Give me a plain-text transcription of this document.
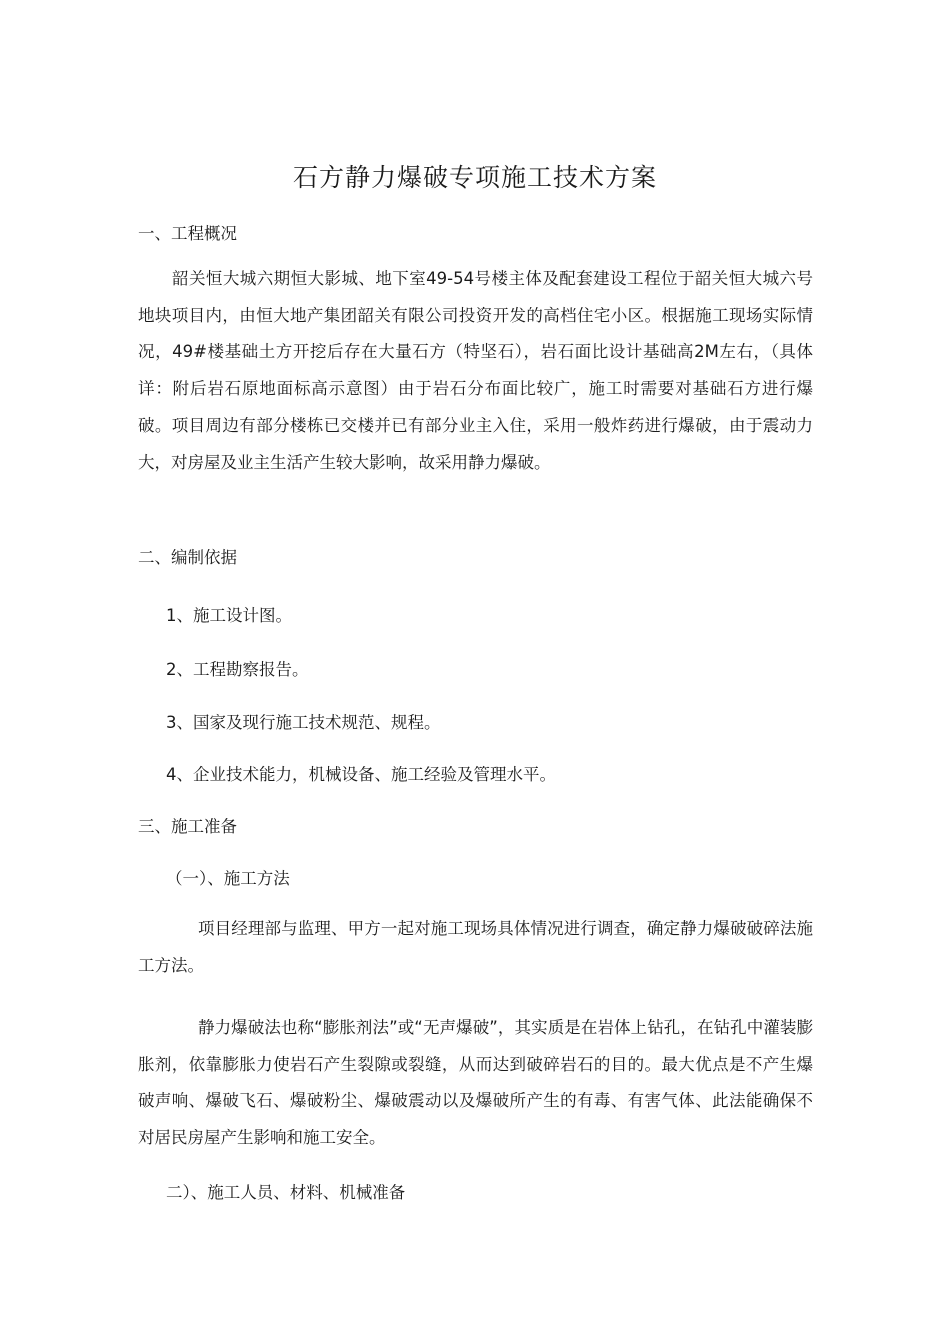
石方静力爆破专项施工技术方案
一、工程概况

韶关恒大城六期恒大影城、地下室49-54号楼主体及配套建设工程位于韶关恒大城六号地块项目内，由恒大地产集团韶关有限公司投资开发的高档住宅小区。根据施工现场实际情况，49#楼基础土方开挖后存在大量石方（特坚石），岩石面比设计基础高2M左右，（具体详：附后岩石原地面标高示意图）由于岩石分布面比较广，施工时需要对基础石方进行爆破。项目周边有部分楼栋已交楼并已有部分业主入住，采用一般炸药进行爆破，由于震动力大，对房屋及业主生活产生较大影响，故采用静力爆破。

二、编制依据
1、施工设计图。
2、工程勘察报告。
3、国家及现行施工技术规范、规程。
4、企业技术能力，机械设备、施工经验及管理水平。
三、施工准备
（一）、施工方法

项目经理部与监理、甲方一起对施工现场具体情况进行调查，确定静力爆破破碎法施工方法。

静力爆破法也称“膨胀剂法”或“无声爆破”，其实质是在岩体上钻孔，在钻孔中灌装膨胀剂，依靠膨胀力使岩石产生裂隙或裂缝，从而达到破碎岩石的目的。最大优点是不产生爆破声响、爆破飞石、爆破粉尘、爆破震动以及爆破所产生的有毒、有害气体、此法能确保不对居民房屋产生影响和施工安全。

二）、施工人员、材料、机械准备
